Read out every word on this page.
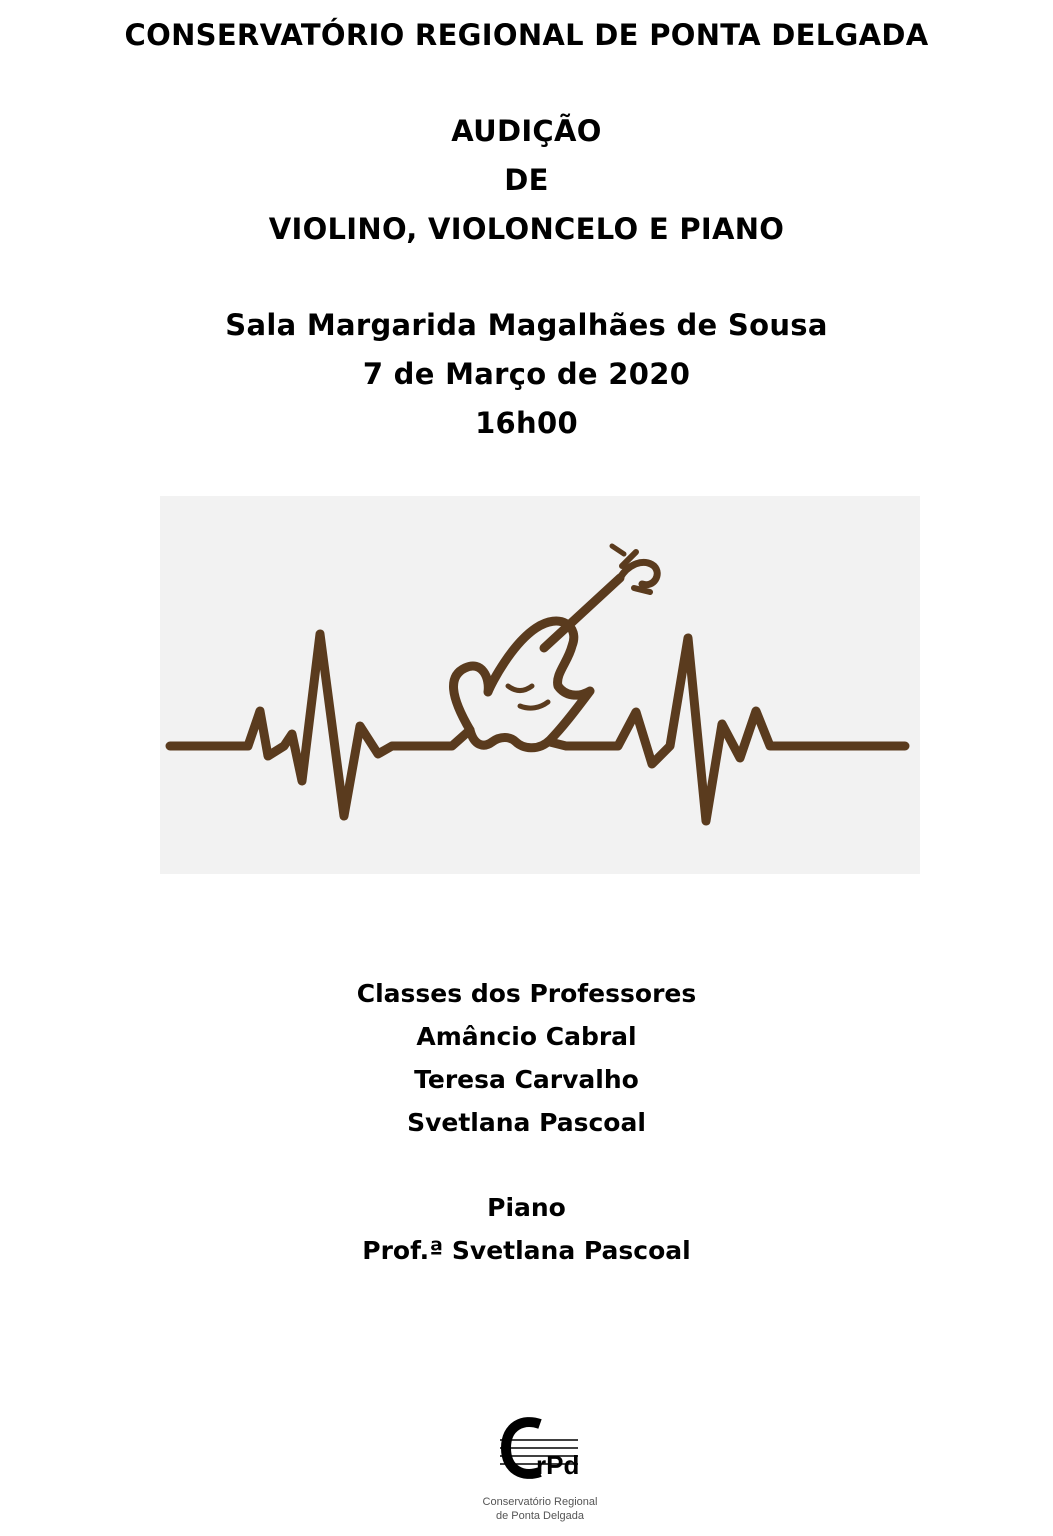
CONSERVATÓRIO REGIONAL DE PONTA DELGADA
AUDIÇÃO
DE
VIOLINO, VIOLONCELO E PIANO
Sala Margarida Magalhães de Sousa
7 de Março de 2020
16h00
Classes dos Professores
Amâncio Cabral
Teresa Carvalho
Svetlana Pascoal
Piano
Prof.ª Svetlana Pascoal
rPd
Conservatório Regional
de Ponta Delgada
